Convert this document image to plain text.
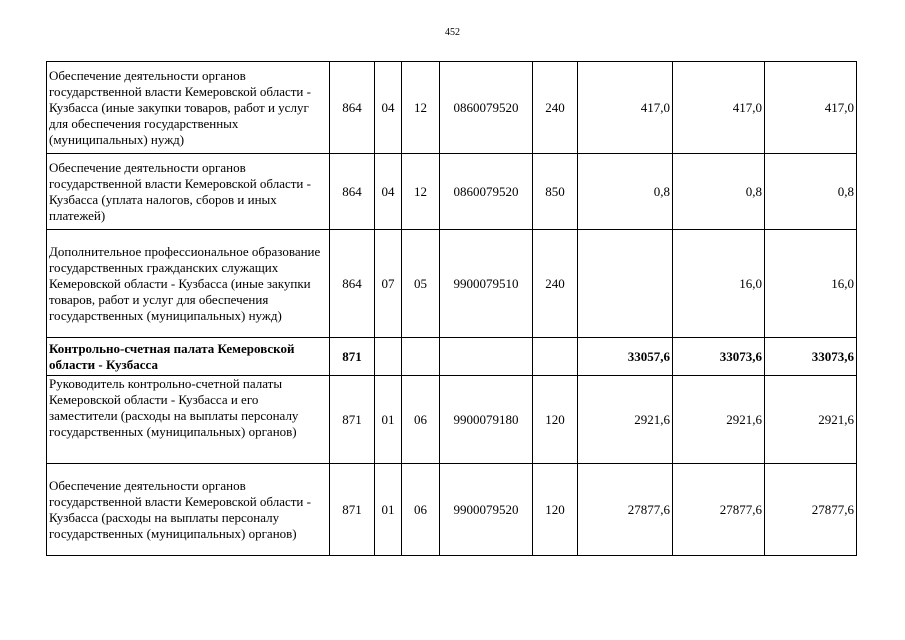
452
Обеспечение деятельности органов государственной власти Кемеровской области - Кузбасса (иные закупки товаров, работ и услуг для обеспечения государственных (муниципальных) нужд)	864	04	12	0860079520	240	417,0	417,0	417,0
Обеспечение деятельности органов государственной власти Кемеровской области - Кузбасса (уплата налогов, сборов и иных платежей)	864	04	12	0860079520	850	0,8	0,8	0,8
Дополнительное профессиональное образование государственных гражданских служащих Кемеровской области - Кузбасса (иные закупки товаров, работ и услуг для обеспечения государственных (муниципальных) нужд)	864	07	05	9900079510	240		16,0	16,0
Контрольно-счетная палата Кемеровской области - Кузбасса	871					33057,6	33073,6	33073,6
Руководитель контрольно-счетной палаты Кемеровской области - Кузбасса и его заместители (расходы на выплаты персоналу государственных (муниципальных) органов)	871	01	06	9900079180	120	2921,6	2921,6	2921,6
Обеспечение деятельности органов государственной власти Кемеровской области - Кузбасса (расходы на выплаты персоналу государственных (муниципальных) органов)	871	01	06	9900079520	120	27877,6	27877,6	27877,6
